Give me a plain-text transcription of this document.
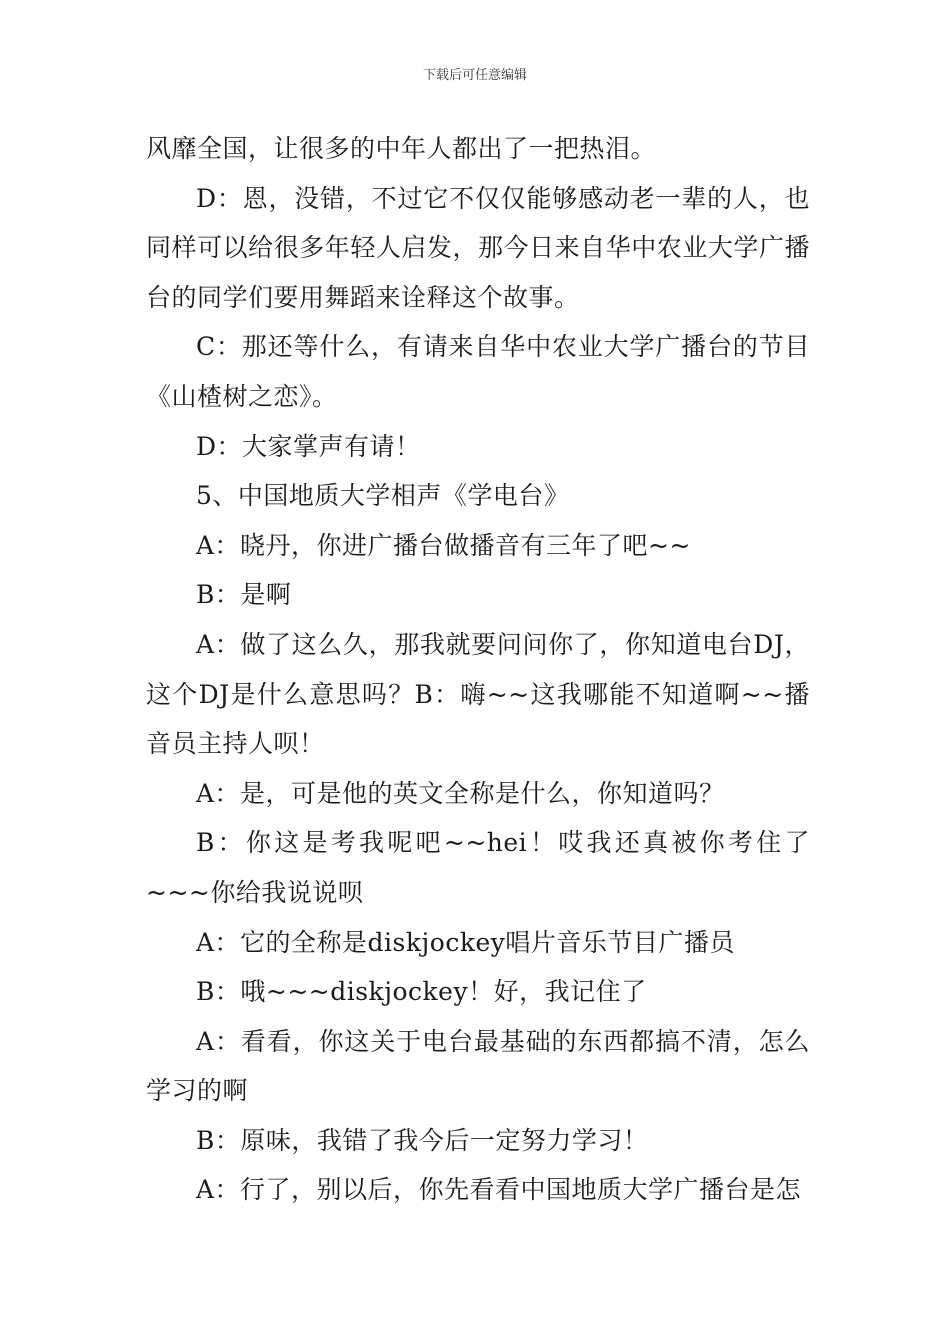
下载后可任意编辑

风靡全国，让很多的中年人都出了一把热泪。

D：恩，没错，不过它不仅仅能够感动老一辈的人，也同样可以给很多年轻人启发，那今日来自华中农业大学广播台的同学们要用舞蹈来诠释这个故事。

C：那还等什么，有请来自华中农业大学广播台的节目《山楂树之恋》。

D：大家掌声有请！

5、中国地质大学相声《学电台》

A：晓丹，你进广播台做播音有三年了吧~~

B：是啊

A：做了这么久，那我就要问问你了，你知道电台DJ，这个DJ是什么意思吗？B：嗨~~这我哪能不知道啊~~播音员主持人呗！

A：是，可是他的英文全称是什么，你知道吗？

B：你这是考我呢吧~~hei！哎我还真被你考住了~~~你给我说说呗

A：它的全称是diskjockey唱片音乐节目广播员

B：哦~~~diskjockey！好，我记住了

A：看看，你这关于电台最基础的东西都搞不清，怎么学习的啊

B：原味，我错了我今后一定努力学习！

A：行了，别以后，你先看看中国地质大学广播台是怎
